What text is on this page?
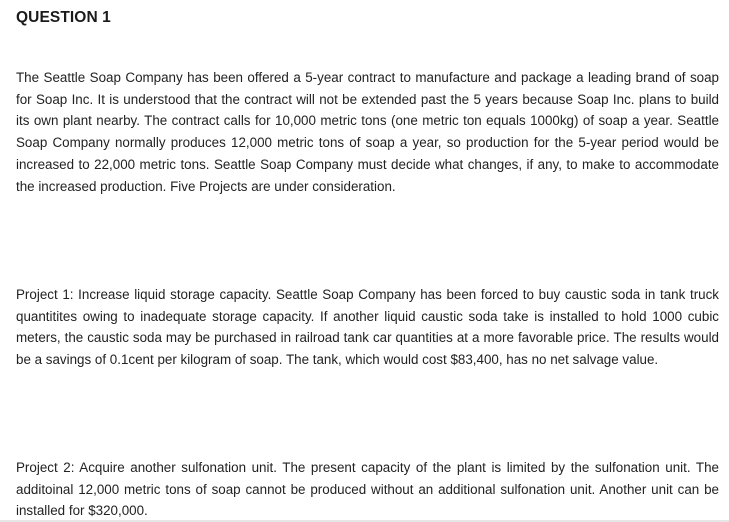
QUESTION 1

The Seattle Soap Company has been offered a 5-year contract to manufacture and package a leading brand of soap for Soap Inc. It is understood that the contract will not be extended past the 5 years because Soap Inc. plans to build its own plant nearby. The contract calls for 10,000 metric tons (one metric ton equals 1000kg) of soap a year. Seattle Soap Company normally produces 12,000 metric tons of soap a year, so production for the 5-year period would be increased to 22,000 metric tons. Seattle Soap Company must decide what changes, if any, to make to accommodate the increased production. Five Projects are under consideration.

Project 1: Increase liquid storage capacity. Seattle Soap Company has been forced to buy caustic soda in tank truck quantitites owing to inadequate storage capacity. If another liquid caustic soda take is installed to hold 1000 cubic meters, the caustic soda may be purchased in railroad tank car quantities at a more favorable price. The results would be a savings of 0.1cent per kilogram of soap. The tank, which would cost $83,400, has no net salvage value.

Project 2: Acquire another sulfonation unit. The present capacity of the plant is limited by the sulfonation unit. The additoinal 12,000 metric tons of soap cannot be produced without an additional sulfonation unit. Another unit can be installed for $320,000.
